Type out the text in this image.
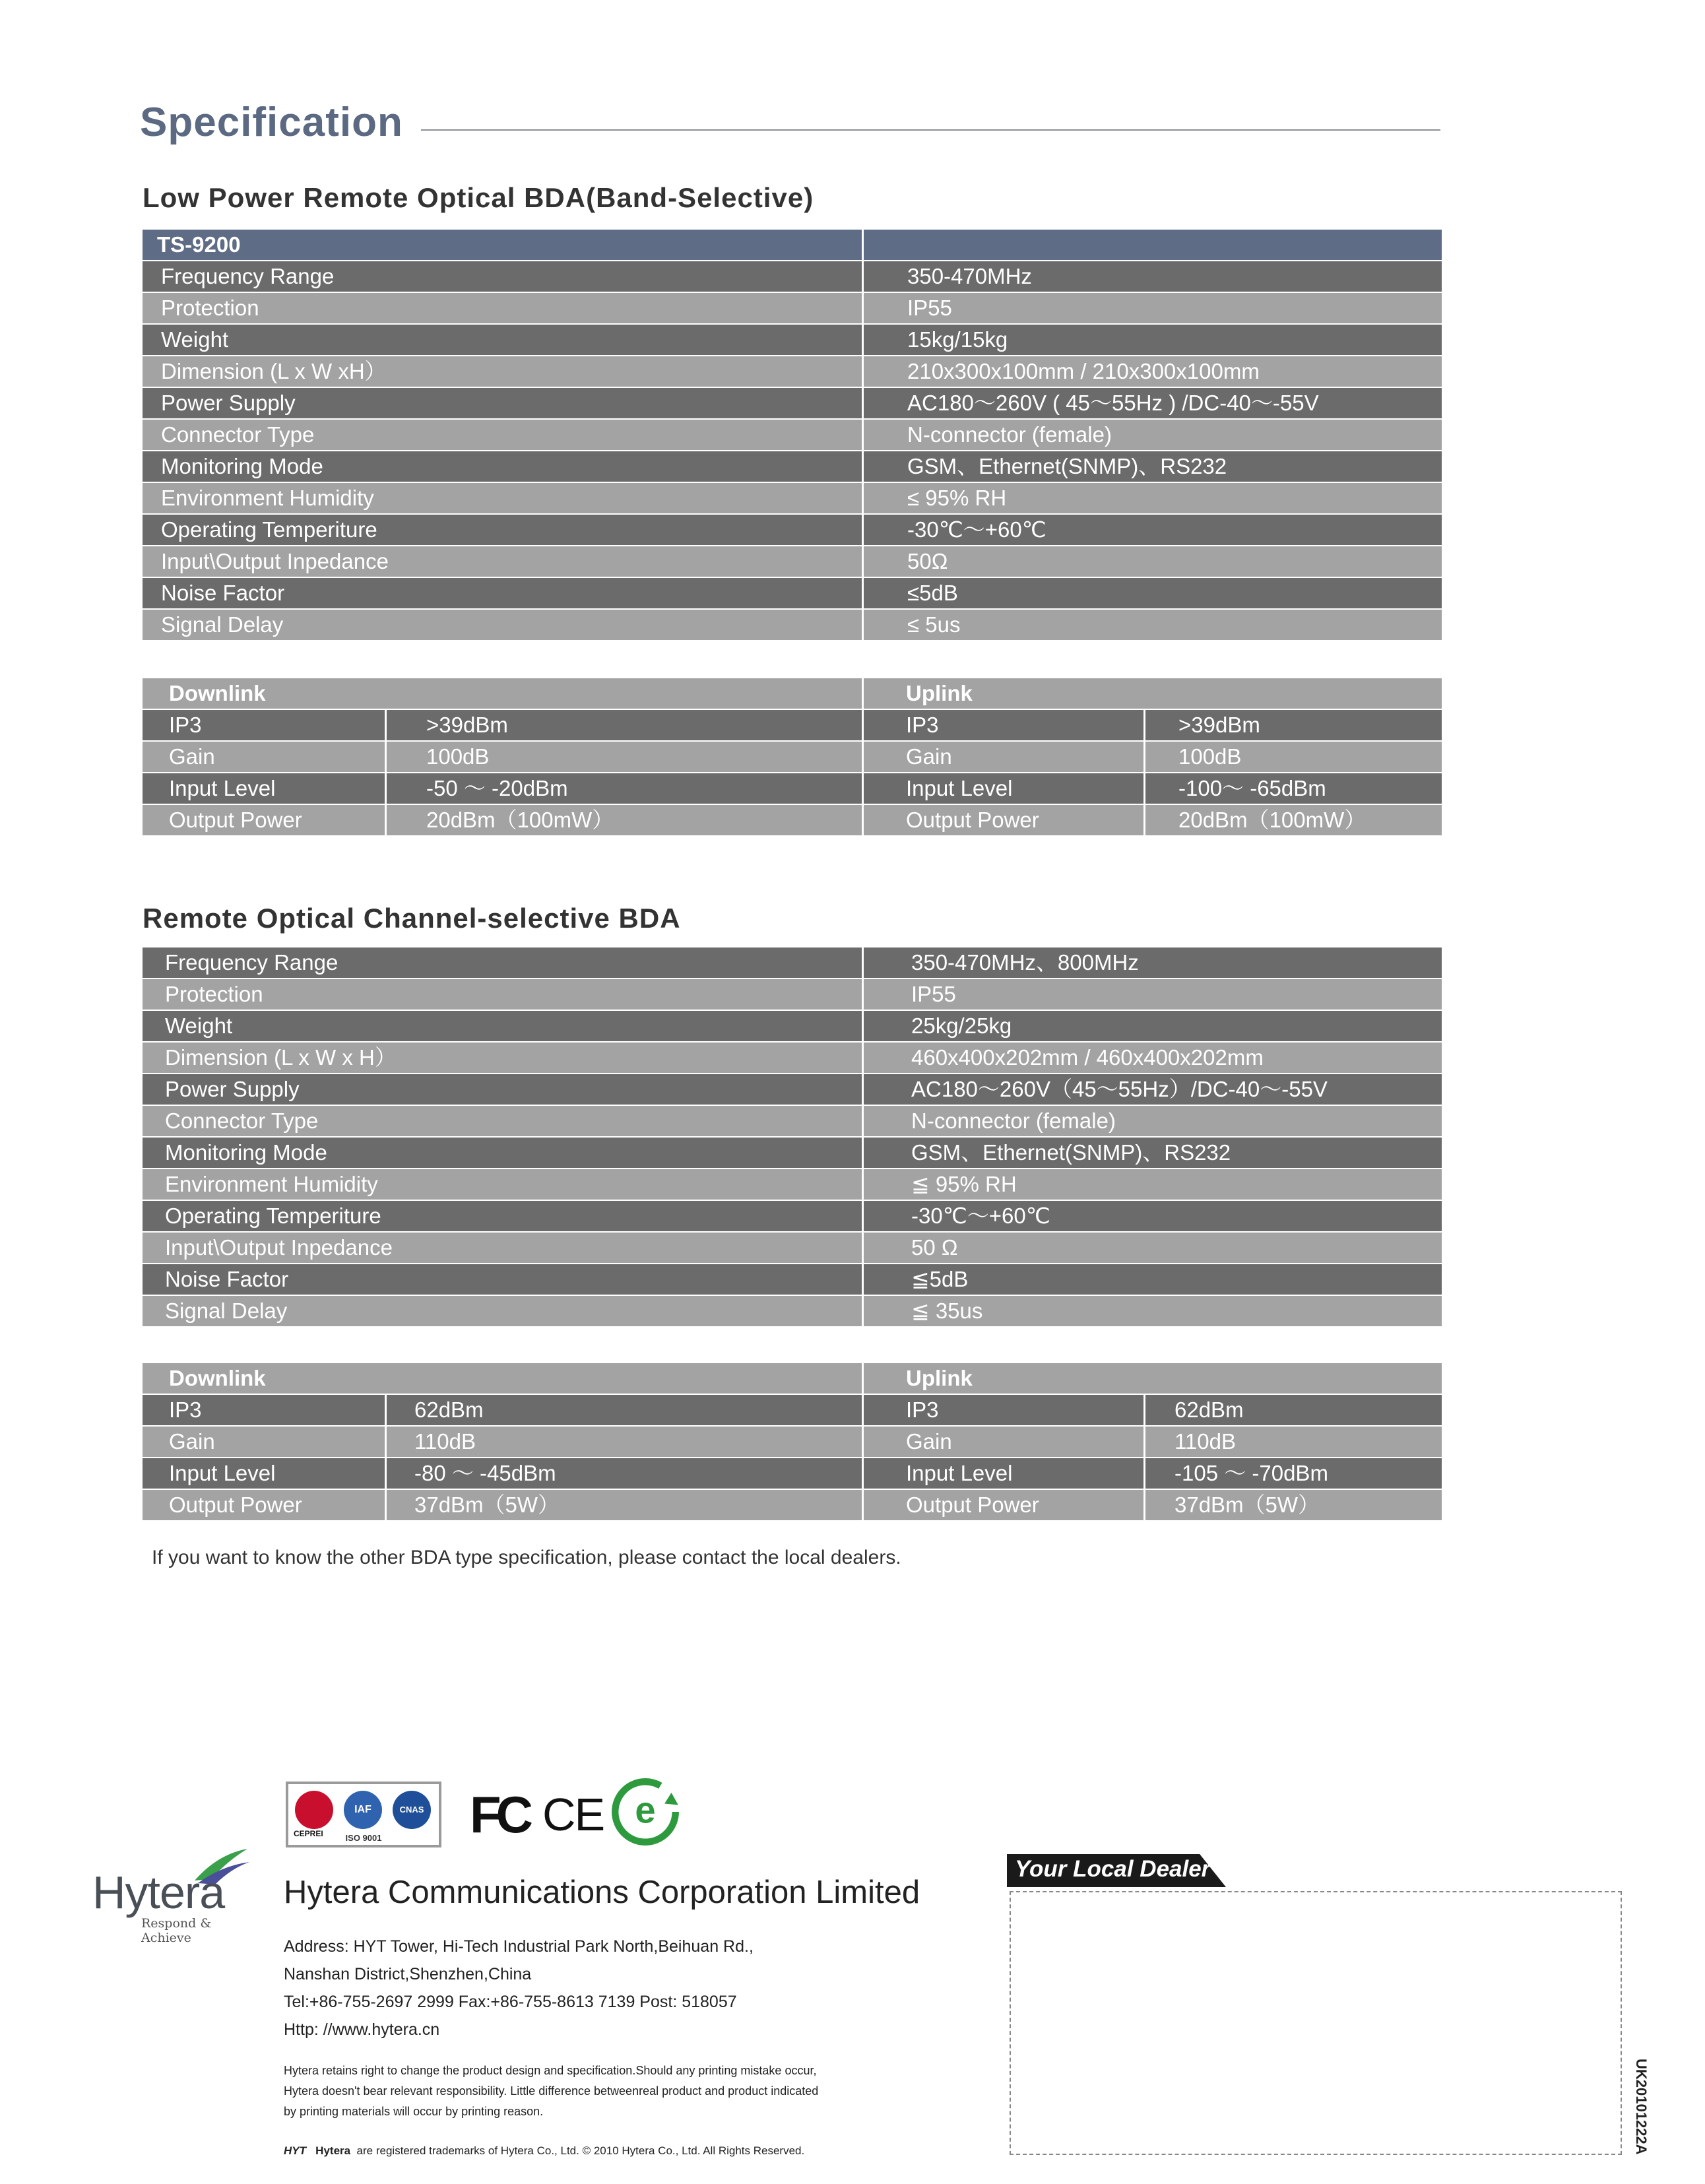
Specification
Low Power Remote Optical BDA(Band-Selective)
TS-9200
Frequency Range	350-470MHz
Protection	IP55
Weight	15kg/15kg
Dimension (L x W xH）	210x300x100mm / 210x300x100mm
Power Supply	AC180～260V ( 45～55Hz ) /DC-40～-55V
Connector Type	N-connector (female)
Monitoring Mode	GSM、Ethernet(SNMP)、RS232
Environment Humidity	≤ 95% RH
Operating Temperiture	-30℃～+60℃
Input\Output Inpedance	50Ω
Noise Factor	≤5dB
Signal Delay	≤ 5us
Downlink	Uplink
IP3	>39dBm	IP3	>39dBm
Gain	100dB	Gain	100dB
Input Level	-50 ～ -20dBm	Input Level	-100～ -65dBm
Output Power	20dBm（100mW）	Output Power	20dBm（100mW）
Remote Optical Channel-selective BDA
Frequency Range	350-470MHz、800MHz
Protection	IP55
Weight	25kg/25kg
Dimension (L x W x H）	460x400x202mm / 460x400x202mm
Power Supply	AC180～260V（45～55Hz）/DC-40～-55V
Connector Type	N-connector (female)
Monitoring Mode	GSM、Ethernet(SNMP)、RS232
Environment Humidity	≦ 95% RH
Operating Temperiture	-30℃～+60℃
Input\Output Inpedance	50 Ω
Noise Factor	≦5dB
Signal Delay	≦ 35us
Downlink	Uplink
IP3	62dBm	IP3	62dBm
Gain	110dB	Gain	110dB
Input Level	-80 ～ -45dBm	Input Level	-105 ～ -70dBm
Output Power	37dBm（5W）	Output Power	37dBm（5W）
If you want to know the other BDA type specification, please contact the local dealers.
CEPREI
IAF	CNAS
ISO 9001	FC CE e
Hytera
Respond & Achieve
Hytera Communications Corporation Limited
Address: HYT Tower, Hi-Tech Industrial Park North,Beihuan Rd.,
Nanshan District,Shenzhen,China
Tel:+86-755-2697 2999 Fax:+86-755-8613 7139 Post: 518057
Http: //www.hytera.cn
Hytera retains right to change the product design and specification.Should any printing mistake occur,
Hytera doesn't bear relevant responsibility. Little difference betweenreal product and product indicated
by printing materials will occur by printing reason.
HYT Hytera are registered trademarks of Hytera Co., Ltd. © 2010 Hytera Co., Ltd. All Rights Reserved.
Your Local Dealer
UK20101222A
